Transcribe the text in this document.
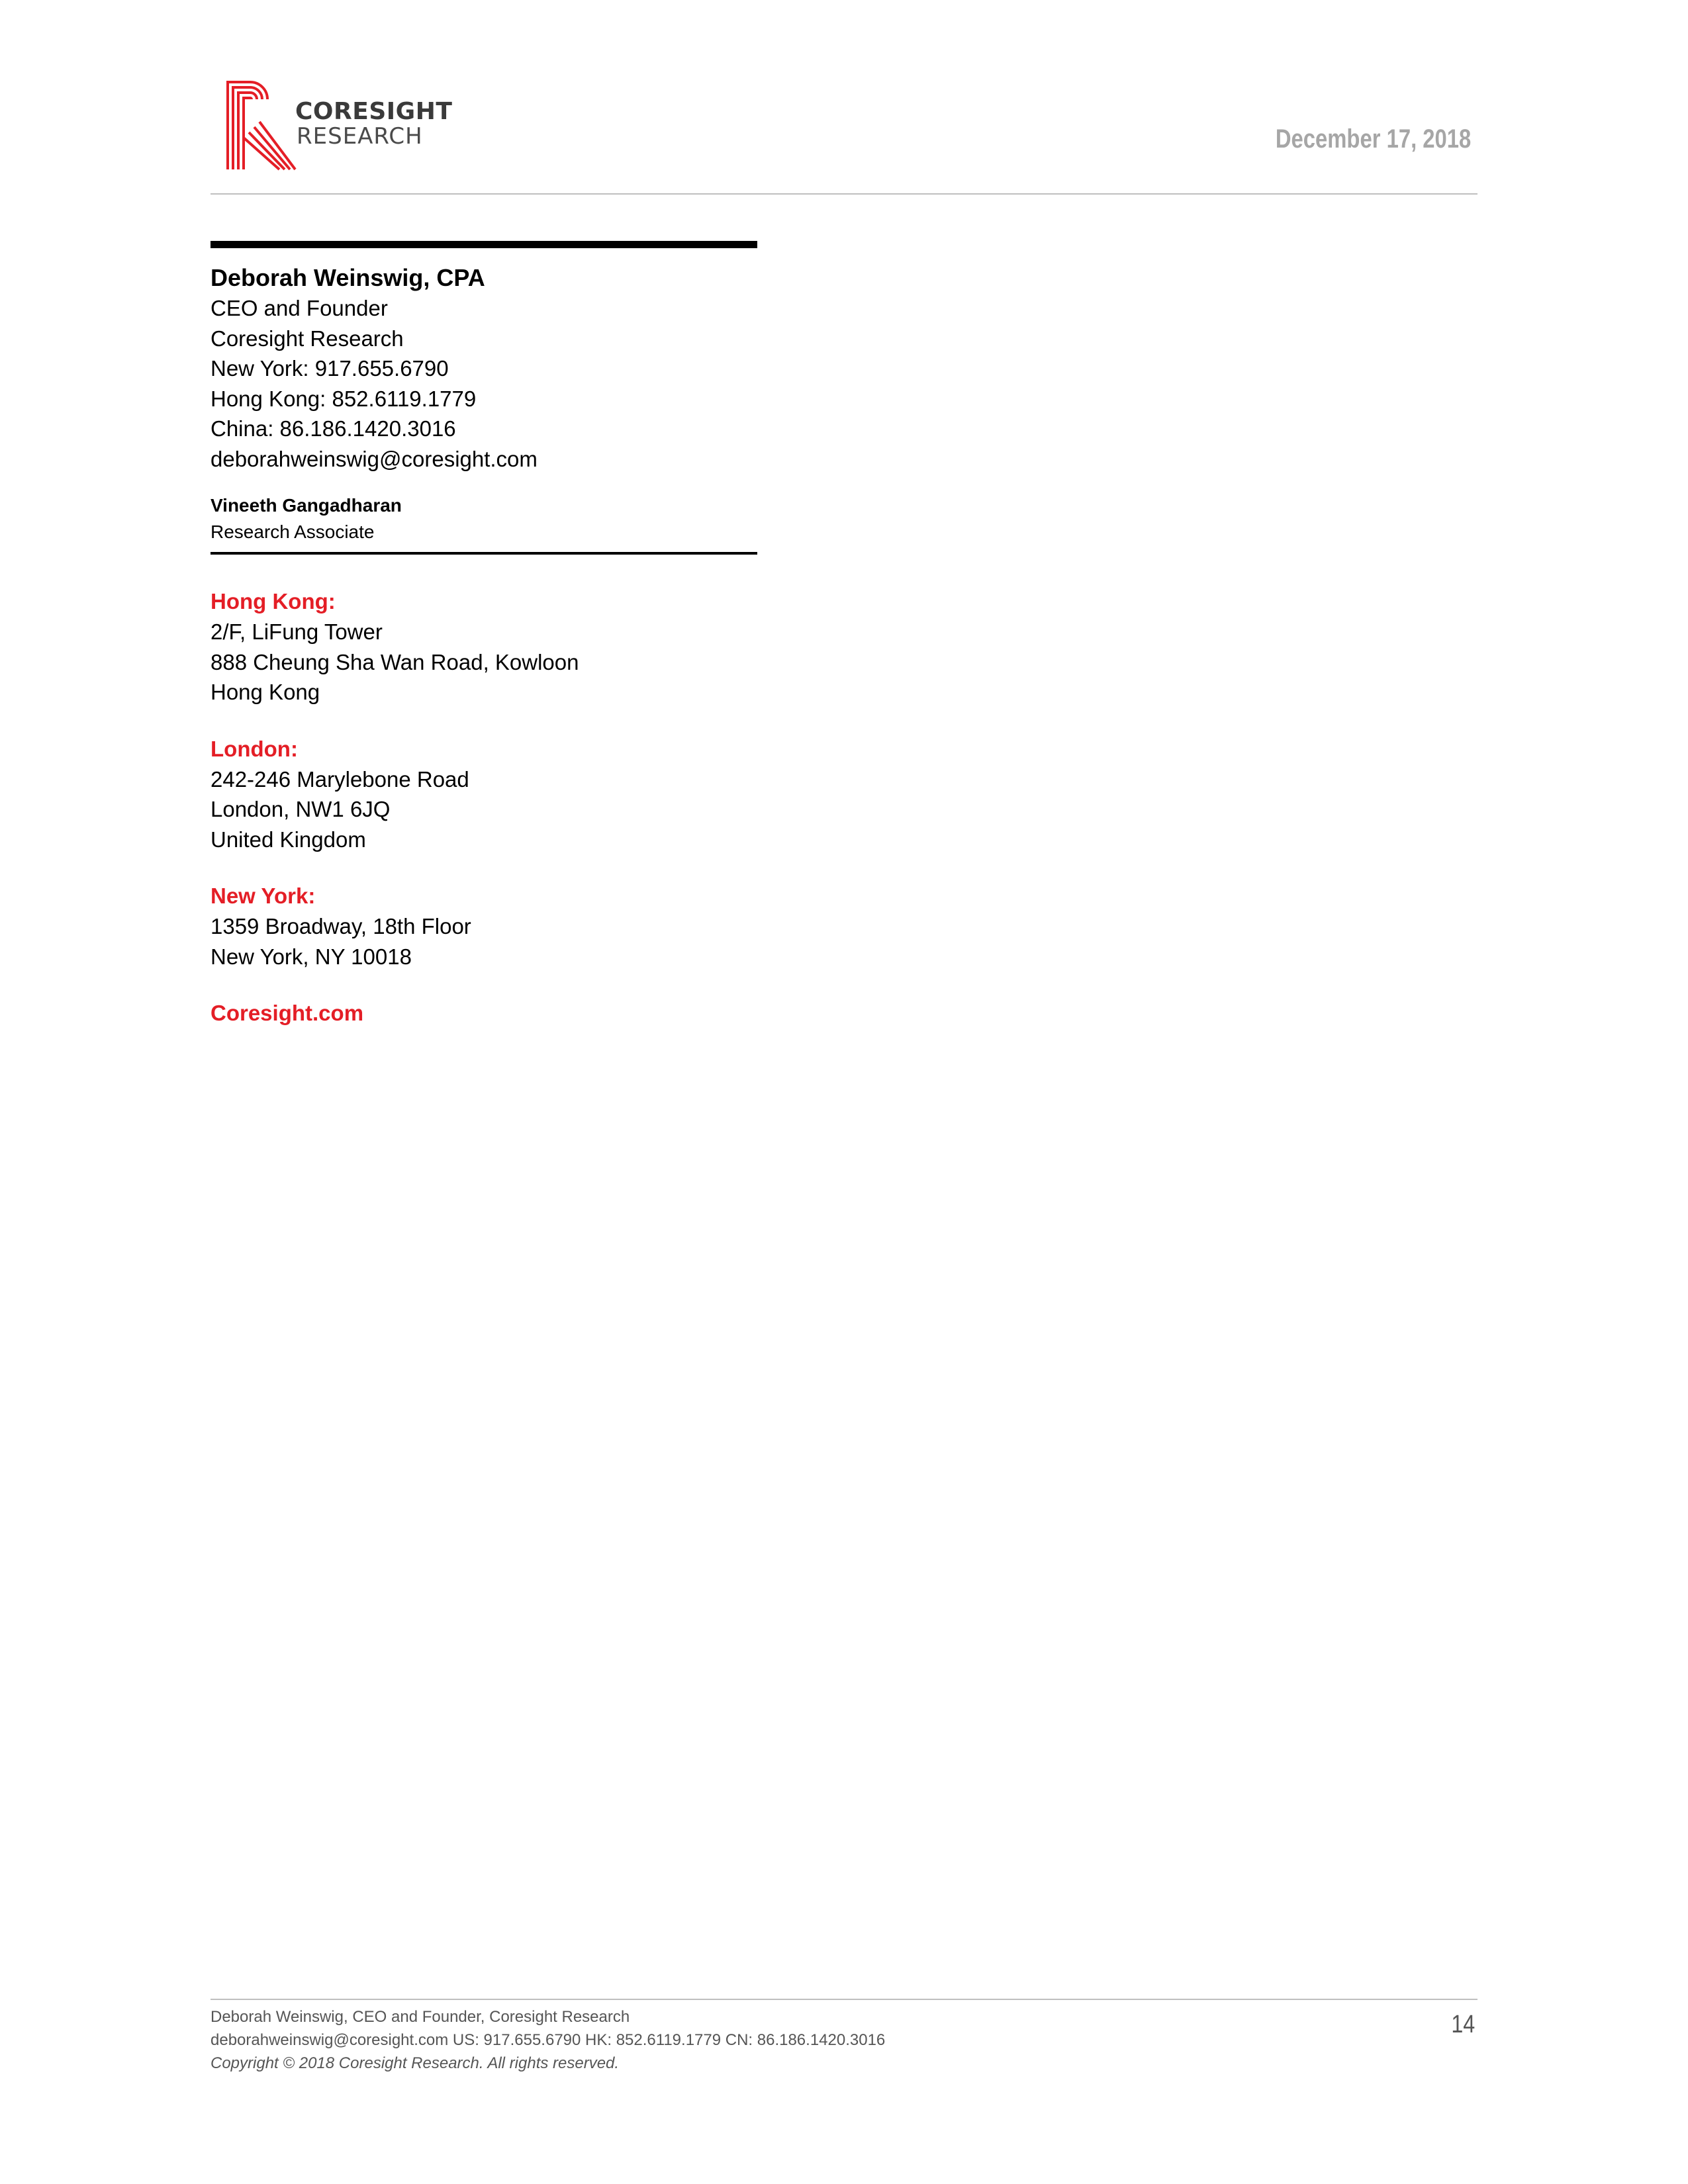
CORESIGHT
RESEARCH	December 17, 2018
Deborah Weinswig, CPA
CEO and Founder
Coresight Research
New York: 917.655.6790
Hong Kong: 852.6119.1779
China: 86.186.1420.3016
deborahweinswig@coresight.com
Vineeth Gangadharan
Research Associate
Hong Kong:
2/F, LiFung Tower
888 Cheung Sha Wan Road, Kowloon
Hong Kong
London:
242-246 Marylebone Road
London, NW1 6JQ
United Kingdom
New York:
1359 Broadway, 18th Floor
New York, NY 10018
Coresight.com
Deborah Weinswig, CEO and Founder, Coresight Research
deborahweinswig@coresight.com US: 917.655.6790 HK: 852.6119.1779 CN: 86.186.1420.3016
Copyright © 2018 Coresight Research. All rights reserved.
14
